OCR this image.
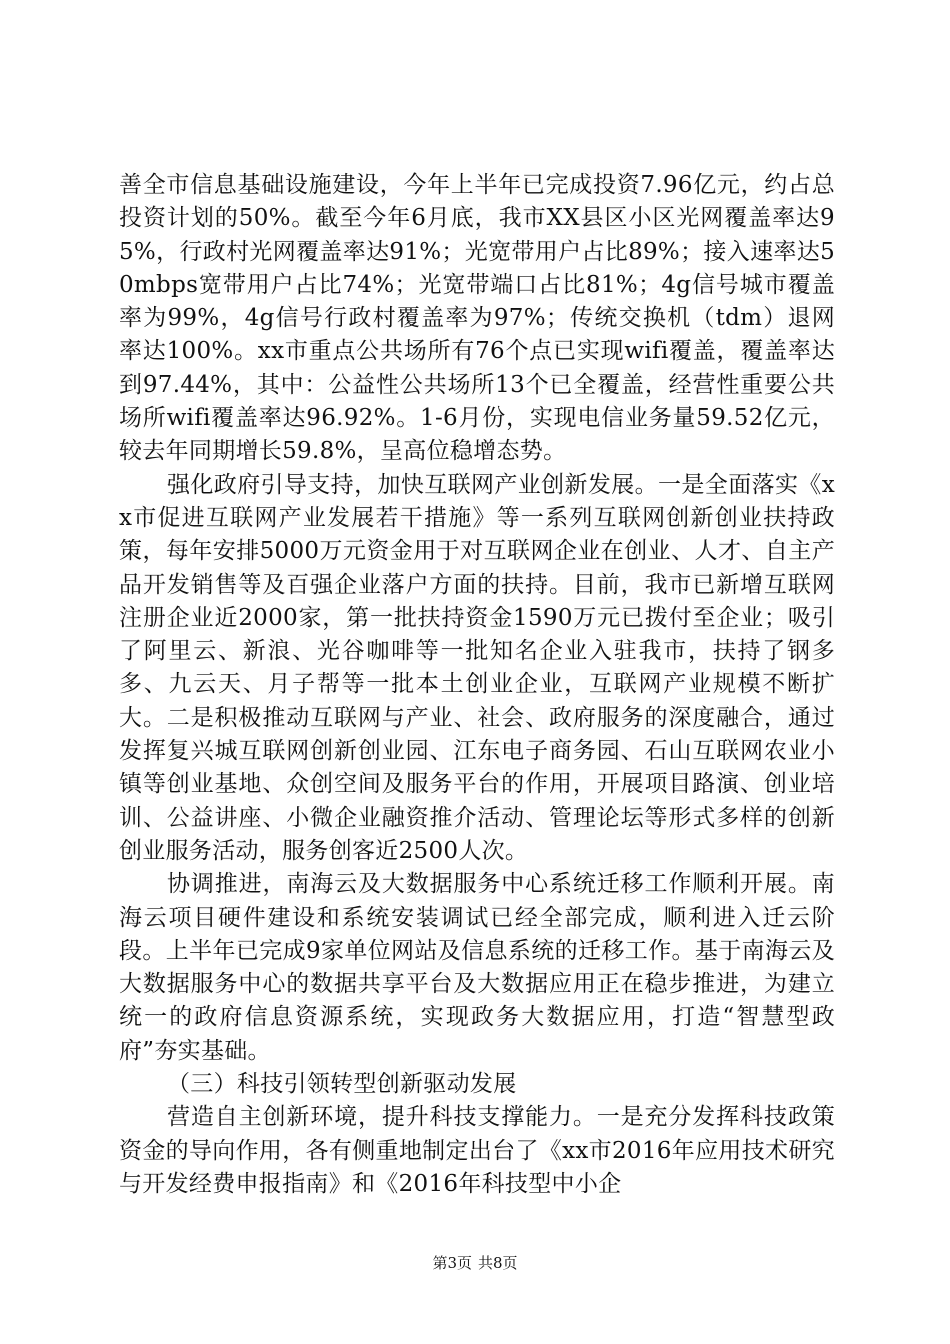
善全市信息基础设施建设，今年上半年已完成投资7.96亿元，约占总投资计划的50%。截至今年6月底，我市XX县区小区光网覆盖率达95%，行政村光网覆盖率达91%；光宽带用户占比89%；接入速率达50mbps宽带用户占比74%；光宽带端口占比81%；4g信号城市覆盖率为99%，4g信号行政村覆盖率为97%；传统交换机（tdm）退网率达100%。xx市重点公共场所有76个点已实现wifi覆盖，覆盖率达到97.44%，其中：公益性公共场所13个已全覆盖，经营性重要公共场所wifi覆盖率达96.92%。1-6月份，实现电信业务量59.52亿元，较去年同期增长59.8%，呈高位稳增态势。

强化政府引导支持，加快互联网产业创新发展。一是全面落实《xx市促进互联网产业发展若干措施》等一系列互联网创新创业扶持政策，每年安排5000万元资金用于对互联网企业在创业、人才、自主产品开发销售等及百强企业落户方面的扶持。目前，我市已新增互联网注册企业近2000家，第一批扶持资金1590万元已拨付至企业；吸引了阿里云、新浪、光谷咖啡等一批知名企业入驻我市，扶持了钢多多、九云天、月子帮等一批本土创业企业，互联网产业规模不断扩大。二是积极推动互联网与产业、社会、政府服务的深度融合，通过发挥复兴城互联网创新创业园、江东电子商务园、石山互联网农业小镇等创业基地、众创空间及服务平台的作用，开展项目路演、创业培训、公益讲座、小微企业融资推介活动、管理论坛等形式多样的创新创业服务活动，服务创客近2500人次。

协调推进，南海云及大数据服务中心系统迁移工作顺利开展。南海云项目硬件建设和系统安装调试已经全部完成，顺利进入迁云阶段。上半年已完成9家单位网站及信息系统的迁移工作。基于南海云及大数据服务中心的数据共享平台及大数据应用正在稳步推进，为建立统一的政府信息资源系统，实现政务大数据应用，打造“智慧型政府”夯实基础。

（三）科技引领转型创新驱动发展

营造自主创新环境，提升科技支撑能力。一是充分发挥科技政策资金的导向作用，各有侧重地制定出台了《xx市2016年应用技术研究与开发经费申报指南》和《2016年科技型中小企

第3页 共8页
